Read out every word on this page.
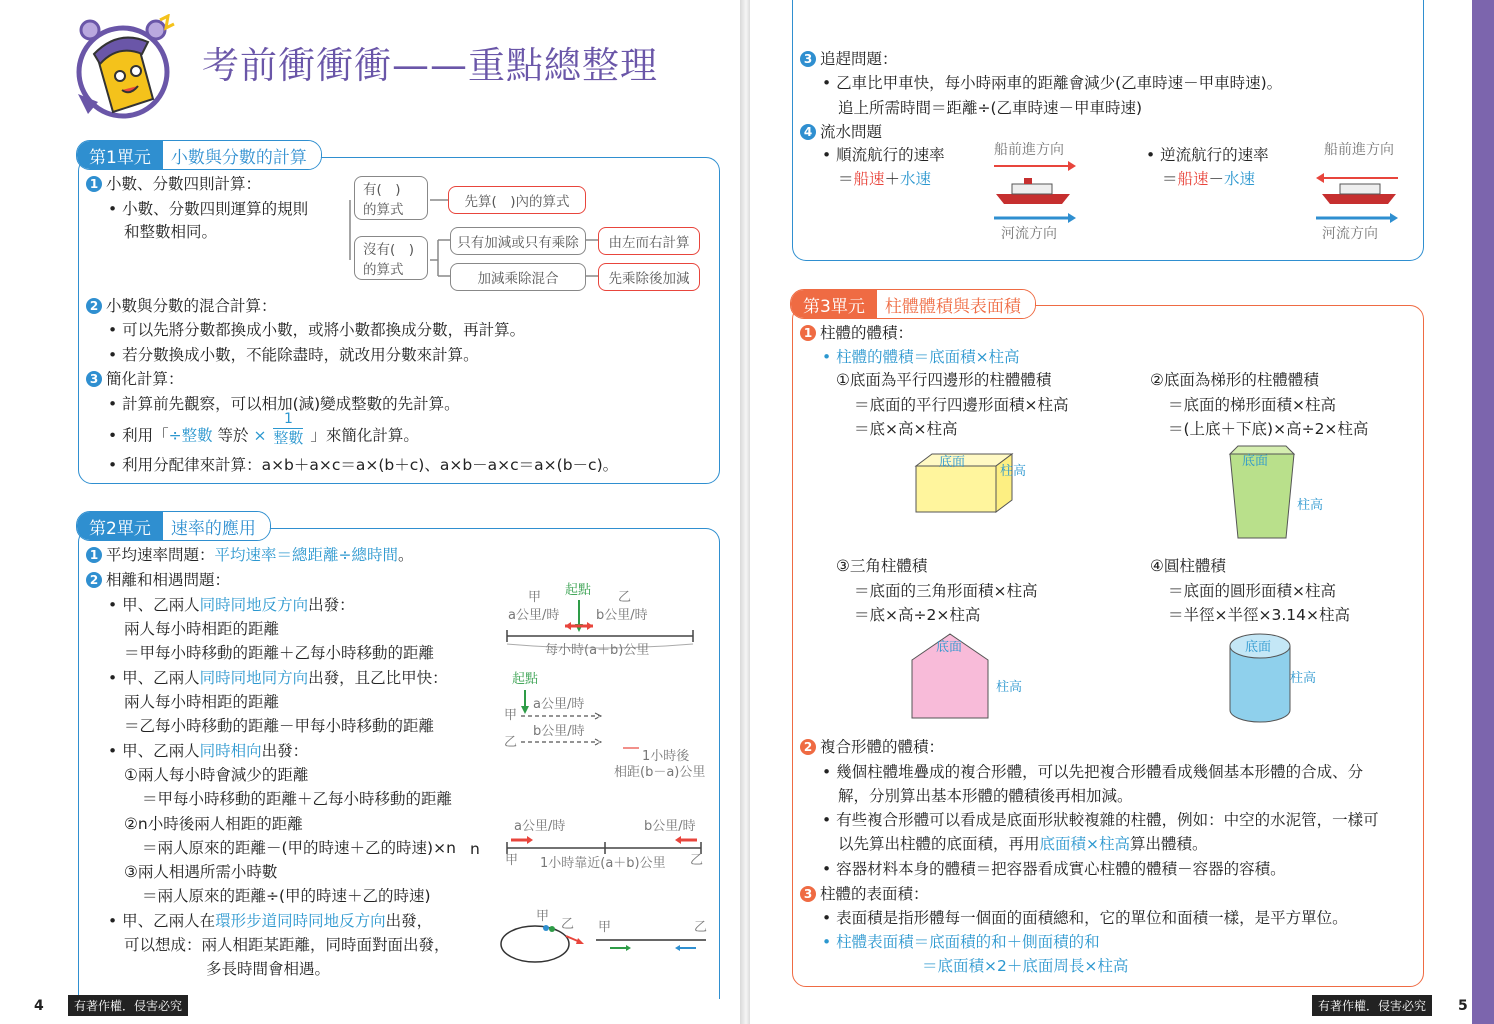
考前衝衝衝——重點總整理
第1單元	小數與分數的計算
1 小數、分數四則計算：
• 小數、分數四則運算的規則
和整數相同。
有(　)
的算式	先算(　)內的算式
沒有(　)
的算式
只有加減或只有乘除	由左而右計算
加減乘除混合	先乘除後加減
2 小數與分數的混合計算：
• 可以先將分數都換成小數，或將小數都換成分數，再計算。
• 若分數換成小數，不能除盡時，就改用分數來計算。
3 簡化計算：
• 計算前先觀察，可以相加(減)變成整數的先計算。
• 利用「÷整數 等於 ×
1
整數 」來簡化計算。
• 利用分配律來計算：a×b＋a×c＝a×(b＋c)、a×b－a×c＝a×(b－c)。
第2單元	速率的應用
1 平均速率問題：平均速率＝總距離÷總時間。
2 相離和相遇問題：
• 甲、乙兩人同時同地反方向出發：
兩人每小時相距的距離
＝甲每小時移動的距離＋乙每小時移動的距離
• 甲、乙兩人同時同地同方向出發，且乙比甲快：
兩人每小時相距的距離
＝乙每小時移動的距離－甲每小時移動的距離
• 甲、乙兩人同時相向出發：
①兩人每小時會減少的距離
＝甲每小時移動的距離＋乙每小時移動的距離
②n小時後兩人相距的距離
＝兩人原來的距離－(甲的時速＋乙的時速)×n
③兩人相遇所需小時數
＝兩人原來的距離÷(甲的時速＋乙的時速)
• 甲、乙兩人在環形步道同時同地反方向出發，
可以想成：兩人相距某距離，同時面對面出發，
多長時間會相遇。
甲	乙
起點
a公里/時	b公里/時
每小時(a＋b)公里
起點
a公里/時
甲
b公里/時
乙
1小時後
相距(b－a)公里
a公里/時	b公里/時
甲	乙
n
1小時靠近(a＋b)公里
甲
乙 甲	乙
4	有著作權．侵害必究
3 追趕問題：
• 乙車比甲車快，每小時兩車的距離會減少(乙車時速－甲車時速)。
追上所需時間＝距離÷(乙車時速－甲車時速)
4 流水問題
• 順流航行的速率
＝船速＋水速
• 逆流航行的速率
＝船速－水速
船前進方向
河流方向
船前進方向
河流方向
第3單元	柱體體積與表面積
1 柱體的體積：
• 柱體的體積＝底面積×柱高
①底面為平行四邊形的柱體體積
＝底面的平行四邊形面積×柱高
＝底×高×柱高
②底面為梯形的柱體體積
＝底面的梯形面積×柱高
＝(上底＋下底)×高÷2×柱高
底面
柱高
底面
柱高
③三角柱體積
＝底面的三角形面積×柱高
＝底×高÷2×柱高
④圓柱體積
＝底面的圓形面積×柱高
＝半徑×半徑×3.14×柱高
底面
柱高
底面
柱高
2 複合形體的體積：
• 幾個柱體堆疊成的複合形體，可以先把複合形體看成幾個基本形體的合成、分
解，分別算出基本形體的體積後再相加減。
• 有些複合形體可以看成是底面形狀較複雜的柱體，例如：中空的水泥管，一樣可
以先算出柱體的底面積，再用底面積×柱高算出體積。
• 容器材料本身的體積＝把容器看成實心柱體的體積－容器的容積。
3 柱體的表面積：
• 表面積是指形體每一個面的面積總和，它的單位和面積一樣，是平方單位。
• 柱體表面積＝底面積的和＋側面積的和
＝底面積×2＋底面周長×柱高
有著作權．侵害必究	5
